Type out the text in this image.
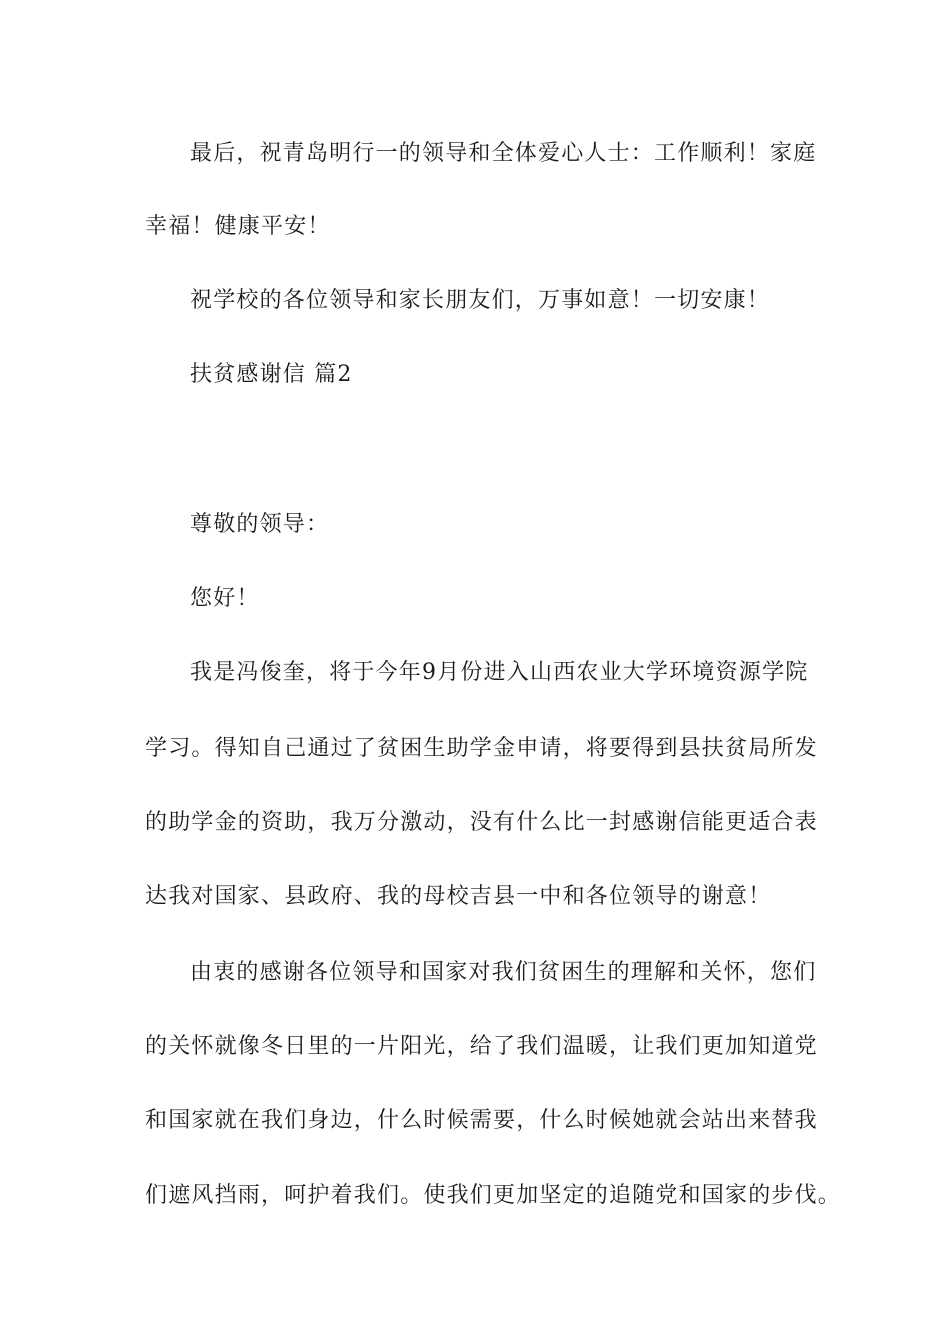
最后，祝青岛明行一的领导和全体爱心人士：工作顺利！家庭
幸福！健康平安！
祝学校的各位领导和家长朋友们，万事如意！一切安康！
扶贫感谢信 篇2
尊敬的领导：
您好！
我是冯俊奎，将于今年9月份进入山西农业大学环境资源学院
学习。得知自己通过了贫困生助学金申请，将要得到县扶贫局所发
的助学金的资助，我万分激动，没有什么比一封感谢信能更适合表
达我对国家、县政府、我的母校吉县一中和各位领导的谢意！
由衷的感谢各位领导和国家对我们贫困生的理解和关怀，您们
的关怀就像冬日里的一片阳光，给了我们温暖，让我们更加知道党
和国家就在我们身边，什么时候需要，什么时候她就会站出来替我
们遮风挡雨，呵护着我们。使我们更加坚定的追随党和国家的步伐。
